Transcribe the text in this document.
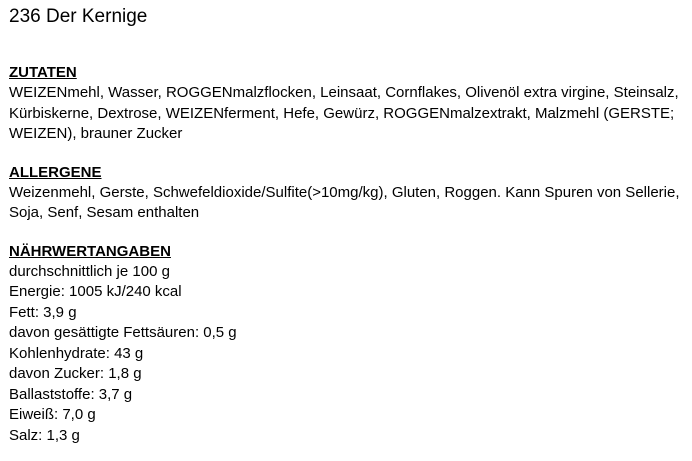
236 Der Kernige

ZUTATEN

WEIZENmehl, Wasser, ROGGENmalzflocken, Leinsaat, Cornflakes, Olivenöl extra virgine, Steinsalz, Kürbiskerne, Dextrose, WEIZENferment, Hefe, Gewürz, ROGGENmalzextrakt, Malzmehl (GERSTE; WEIZEN), brauner Zucker

ALLERGENE

Weizenmehl, Gerste, Schwefeldioxide/Sulfite(>10mg/kg), Gluten, Roggen. Kann Spuren von Sellerie, Soja, Senf, Sesam enthalten

NÄHRWERTANGABEN

durchschnittlich je 100 g
Energie: 1005 kJ/240 kcal
Fett: 3,9 g
davon gesättigte Fettsäuren: 0,5 g
Kohlenhydrate: 43 g
davon Zucker: 1,8 g
Ballaststoffe: 3,7 g
Eiweiß: 7,0 g
Salz: 1,3 g
